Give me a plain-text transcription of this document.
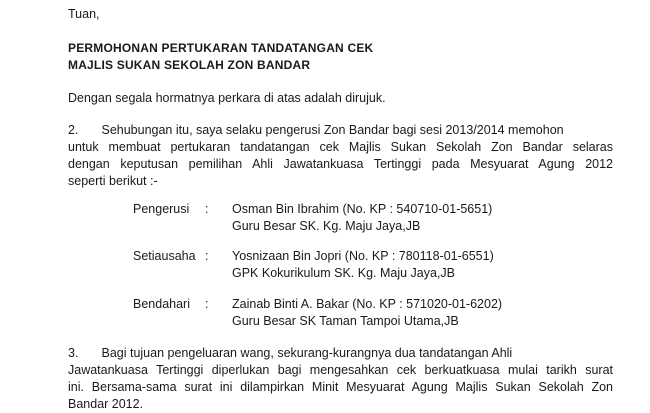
Tuan,
PERMOHONAN PERTUKARAN TANDATANGAN CEK
MAJLIS SUKAN SEKOLAH ZON BANDAR
Dengan segala hormatnya perkara di atas adalah dirujuk.
2. Sehubungan itu, saya selaku pengerusi Zon Bandar bagi sesi 2013/2014 memohon
untuk membuat pertukaran tandatangan cek Majlis Sukan Sekolah Zon Bandar selaras
dengan keputusan pemilihan Ahli Jawatankuasa Tertinggi pada Mesyuarat Agung 2012
seperti berikut :-
Pengerusi : Osman Bin Ibrahim (No. KP : 540710-01-5651)
Guru Besar SK. Kg. Maju Jaya,JB
Setiausaha : Yosnizaan Bin Jopri (No. KP : 780118-01-6551)
GPK Kokurikulum SK. Kg. Maju Jaya,JB
Bendahari : Zainab Binti A. Bakar (No. KP : 571020-01-6202)
Guru Besar SK Taman Tampoi Utama,JB
3. Bagi tujuan pengeluaran wang, sekurang-kurangnya dua tandatangan Ahli
Jawatankuasa Tertinggi diperlukan bagi mengesahkan cek berkuatkuasa mulai tarikh surat
ini. Bersama-sama surat ini dilampirkan Minit Mesyuarat Agung Majlis Sukan Sekolah Zon
Bandar 2012.
